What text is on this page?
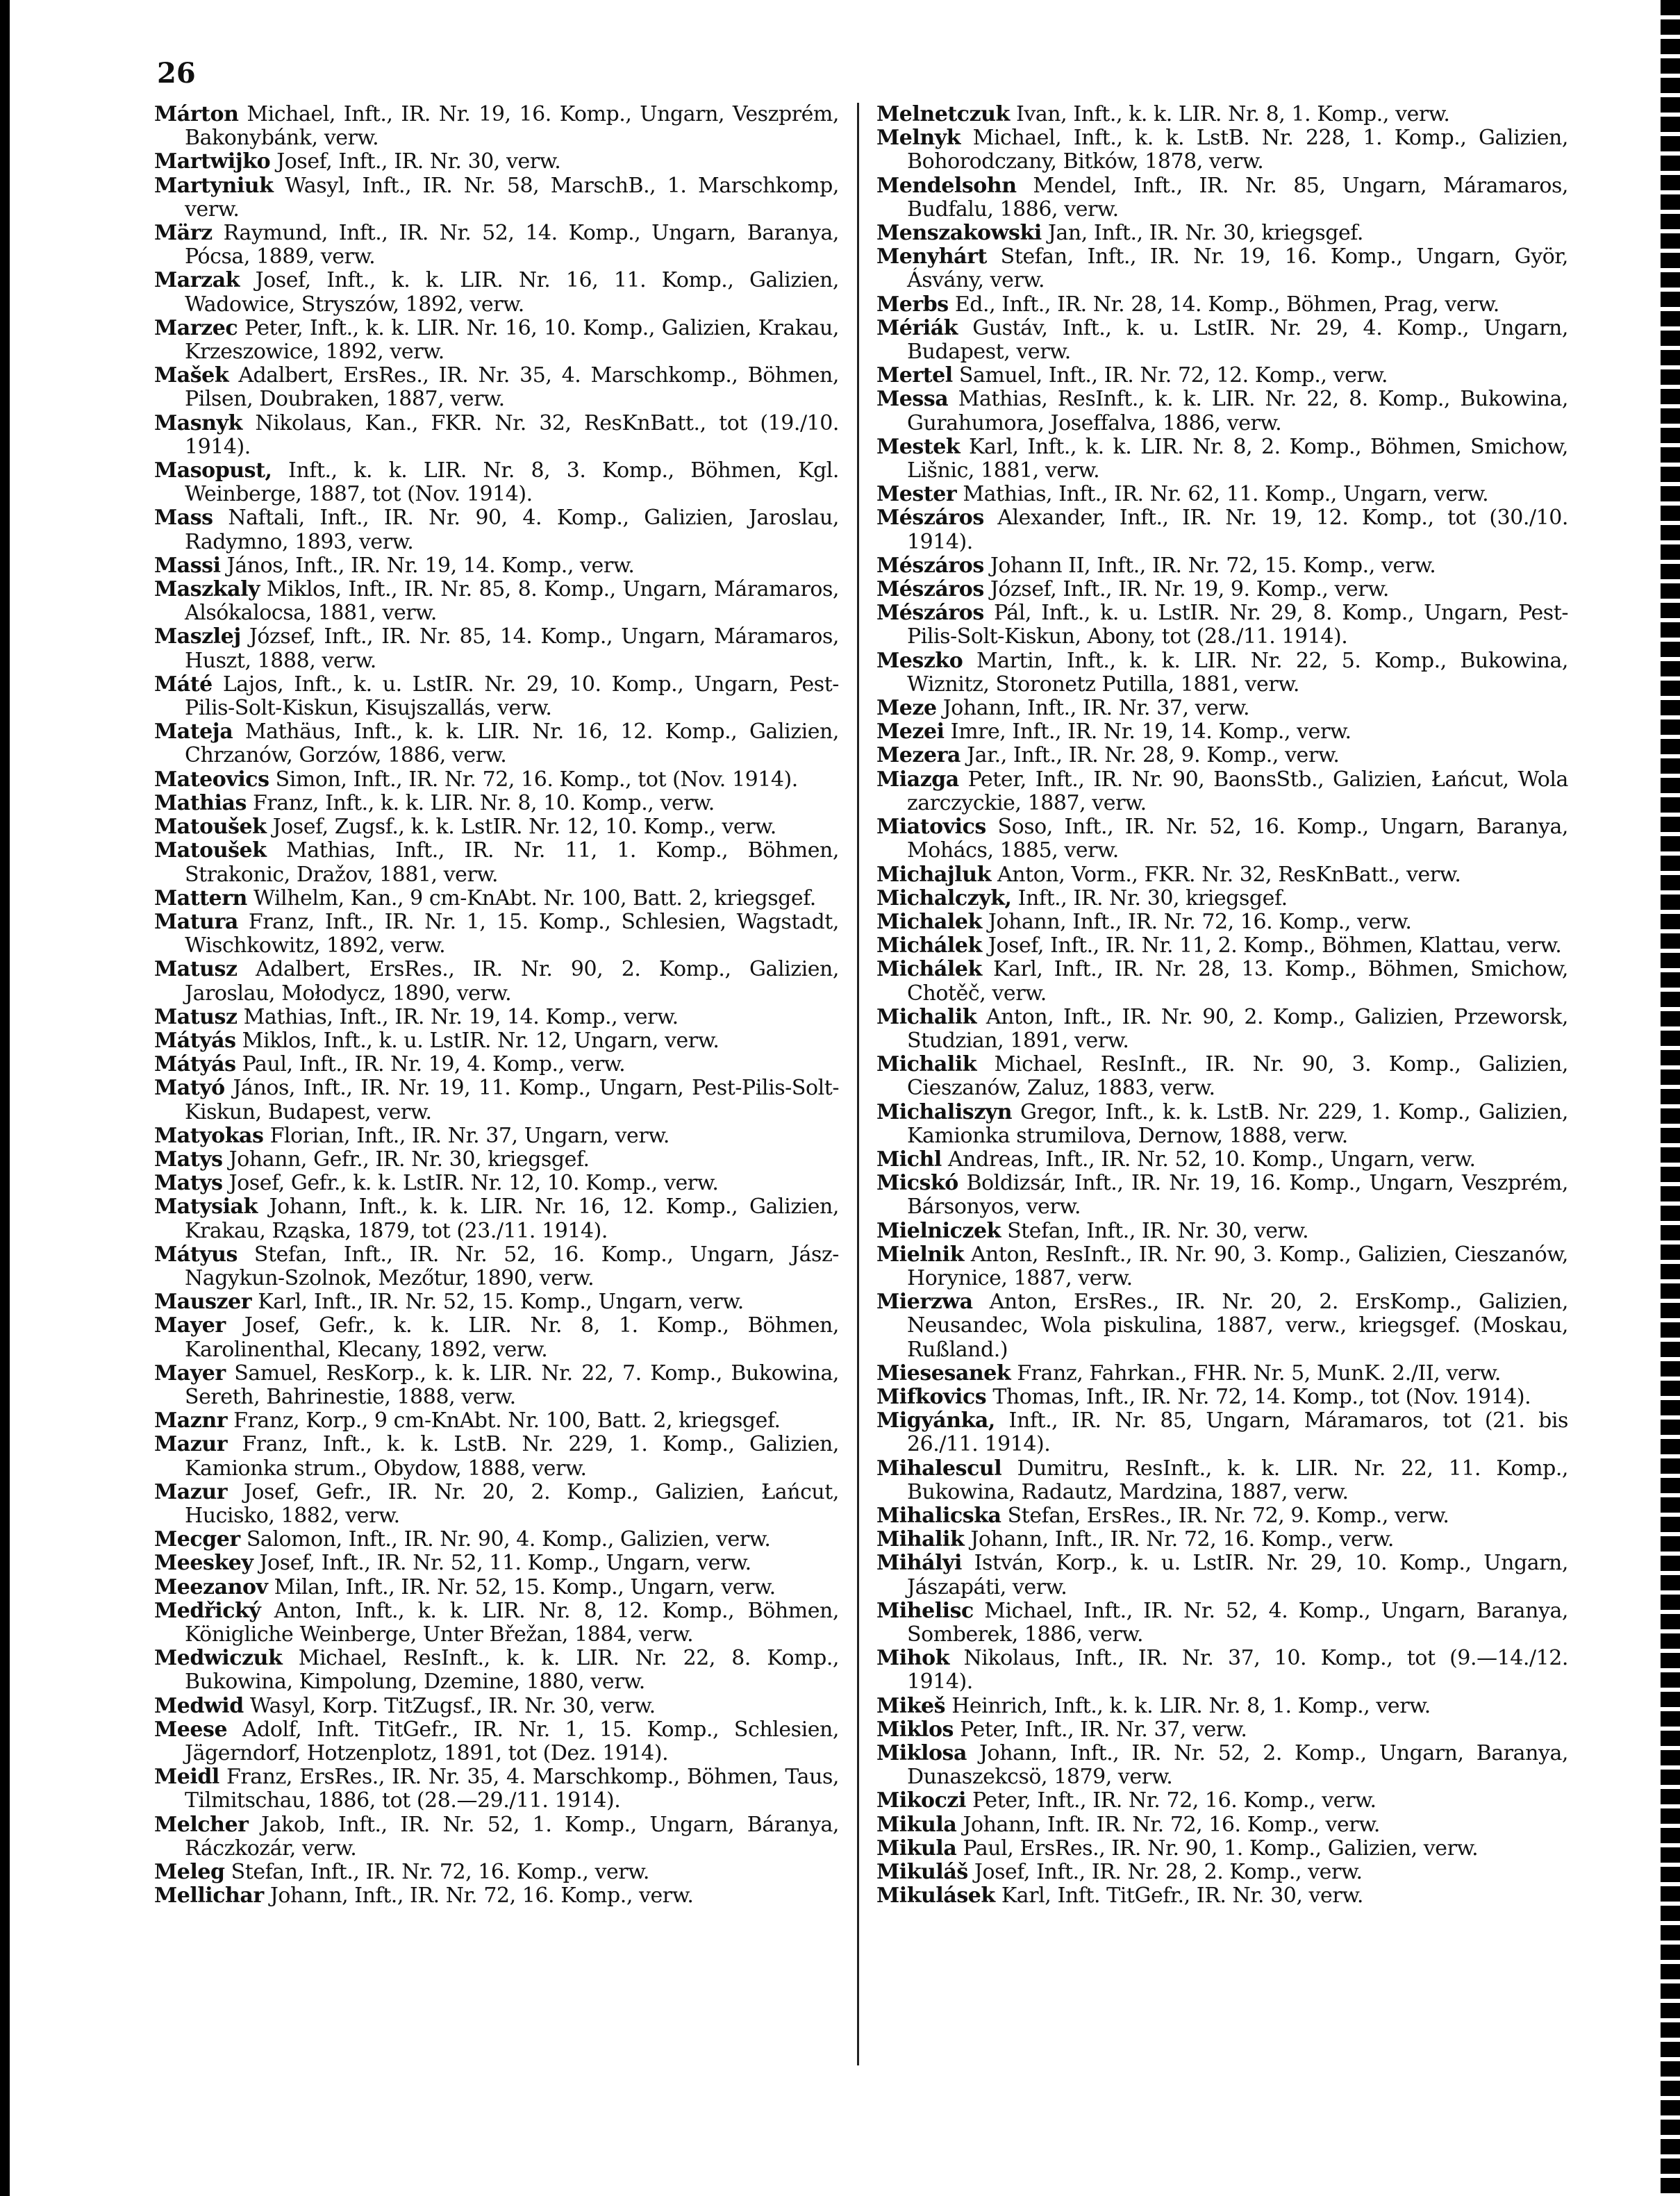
26
Márton Michael, Inft., IR. Nr. 19, 16. Komp., Ungarn, Veszprém, Bakonybánk, verw.
Martwijko Josef, Inft., IR. Nr. 30, verw.
Martyniuk Wasyl, Inft., IR. Nr. 58, MarschB., 1. Marschkomp, verw.
März Raymund, Inft., IR. Nr. 52, 14. Komp., Ungarn, Baranya, Pócsa, 1889, verw.
Marzak Josef, Inft., k. k. LIR. Nr. 16, 11. Komp., Galizien, Wadowice, Stryszów, 1892, verw.
Marzec Peter, Inft., k. k. LIR. Nr. 16, 10. Komp., Galizien, Krakau, Krzeszowice, 1892, verw.
Mašek Adalbert, ErsRes., IR. Nr. 35, 4. Marschkomp., Böhmen, Pilsen, Doubraken, 1887, verw.
Masnyk Nikolaus, Kan., FKR. Nr. 32, ResKnBatt., tot (19./10. 1914).
Masopust, Inft., k. k. LIR. Nr. 8, 3. Komp., Böhmen, Kgl. Weinberge, 1887, tot (Nov. 1914).
Mass Naftali, Inft., IR. Nr. 90, 4. Komp., Galizien, Jaroslau, Radymno, 1893, verw.
Massi János, Inft., IR. Nr. 19, 14. Komp., verw.
Maszkaly Miklos, Inft., IR. Nr. 85, 8. Komp., Ungarn, Máramaros, Alsókalocsa, 1881, verw.
Maszlej József, Inft., IR. Nr. 85, 14. Komp., Ungarn, Máramaros, Huszt, 1888, verw.
Máté Lajos, Inft., k. u. LstIR. Nr. 29, 10. Komp., Ungarn, Pest-Pilis-Solt-Kiskun, Kisujszallás, verw.
Mateja Mathäus, Inft., k. k. LIR. Nr. 16, 12. Komp., Galizien, Chrzanów, Gorzów, 1886, verw.
Mateovics Simon, Inft., IR. Nr. 72, 16. Komp., tot (Nov. 1914).
Mathias Franz, Inft., k. k. LIR. Nr. 8, 10. Komp., verw.
Matoušek Josef, Zugsf., k. k. LstIR. Nr. 12, 10. Komp., verw.
Matoušek Mathias, Inft., IR. Nr. 11, 1. Komp., Böhmen, Strakonic, Dražov, 1881, verw.
Mattern Wilhelm, Kan., 9 cm-KnAbt. Nr. 100, Batt. 2, kriegsgef.
Matura Franz, Inft., IR. Nr. 1, 15. Komp., Schlesien, Wagstadt, Wischkowitz, 1892, verw.
Matusz Adalbert, ErsRes., IR. Nr. 90, 2. Komp., Galizien, Jaroslau, Mołodycz, 1890, verw.
Matusz Mathias, Inft., IR. Nr. 19, 14. Komp., verw.
Mátyás Miklos, Inft., k. u. LstIR. Nr. 12, Ungarn, verw.
Mátyás Paul, Inft., IR. Nr. 19, 4. Komp., verw.
Matyó János, Inft., IR. Nr. 19, 11. Komp., Ungarn, Pest-Pilis-Solt-Kiskun, Budapest, verw.
Matyokas Florian, Inft., IR. Nr. 37, Ungarn, verw.
Matys Johann, Gefr., IR. Nr. 30, kriegsgef.
Matys Josef, Gefr., k. k. LstIR. Nr. 12, 10. Komp., verw.
Matysiak Johann, Inft., k. k. LIR. Nr. 16, 12. Komp., Galizien, Krakau, Rząska, 1879, tot (23./11. 1914).
Mátyus Stefan, Inft., IR. Nr. 52, 16. Komp., Ungarn, Jász-Nagykun-Szolnok, Mezőtur, 1890, verw.
Mauszer Karl, Inft., IR. Nr. 52, 15. Komp., Ungarn, verw.
Mayer Josef, Gefr., k. k. LIR. Nr. 8, 1. Komp., Böhmen, Karolinenthal, Klecany, 1892, verw.
Mayer Samuel, ResKorp., k. k. LIR. Nr. 22, 7. Komp., Bukowina, Sereth, Bahrinestie, 1888, verw.
Maznr Franz, Korp., 9 cm-KnAbt. Nr. 100, Batt. 2, kriegsgef.
Mazur Franz, Inft., k. k. LstB. Nr. 229, 1. Komp., Galizien, Kamionka strum., Obydow, 1888, verw.
Mazur Josef, Gefr., IR. Nr. 20, 2. Komp., Galizien, Łańcut, Hucisko, 1882, verw.
Mecger Salomon, Inft., IR. Nr. 90, 4. Komp., Galizien, verw.
Meeskey Josef, Inft., IR. Nr. 52, 11. Komp., Ungarn, verw.
Meezanov Milan, Inft., IR. Nr. 52, 15. Komp., Ungarn, verw.
Medřický Anton, Inft., k. k. LIR. Nr. 8, 12. Komp., Böhmen, Königliche Weinberge, Unter Břežan, 1884, verw.
Medwiczuk Michael, ResInft., k. k. LIR. Nr. 22, 8. Komp., Bukowina, Kimpolung, Dzemine, 1880, verw.
Medwid Wasyl, Korp. TitZugsf., IR. Nr. 30, verw.
Meese Adolf, Inft. TitGefr., IR. Nr. 1, 15. Komp., Schlesien, Jägerndorf, Hotzenplotz, 1891, tot (Dez. 1914).
Meidl Franz, ErsRes., IR. Nr. 35, 4. Marschkomp., Böhmen, Taus, Tilmitschau, 1886, tot (28.—29./11. 1914).
Melcher Jakob, Inft., IR. Nr. 52, 1. Komp., Ungarn, Báranya, Ráczkozár, verw.
Meleg Stefan, Inft., IR. Nr. 72, 16. Komp., verw.
Mellichar Johann, Inft., IR. Nr. 72, 16. Komp., verw.
Melnetczuk Ivan, Inft., k. k. LIR. Nr. 8, 1. Komp., verw.
Melnyk Michael, Inft., k. k. LstB. Nr. 228, 1. Komp., Galizien, Bohorodczany, Bitków, 1878, verw.
Mendelsohn Mendel, Inft., IR. Nr. 85, Ungarn, Máramaros, Budfalu, 1886, verw.
Menszakowski Jan, Inft., IR. Nr. 30, kriegsgef.
Menyhárt Stefan, Inft., IR. Nr. 19, 16. Komp., Ungarn, Györ, Ásvány, verw.
Merbs Ed., Inft., IR. Nr. 28, 14. Komp., Böhmen, Prag, verw.
Mériák Gustáv, Inft., k. u. LstIR. Nr. 29, 4. Komp., Ungarn, Budapest, verw.
Mertel Samuel, Inft., IR. Nr. 72, 12. Komp., verw.
Messa Mathias, ResInft., k. k. LIR. Nr. 22, 8. Komp., Bukowina, Gurahumora, Joseffalva, 1886, verw.
Mestek Karl, Inft., k. k. LIR. Nr. 8, 2. Komp., Böhmen, Smichow, Lišnic, 1881, verw.
Mester Mathias, Inft., IR. Nr. 62, 11. Komp., Ungarn, verw.
Mészáros Alexander, Inft., IR. Nr. 19, 12. Komp., tot (30./10. 1914).
Mészáros Johann II, Inft., IR. Nr. 72, 15. Komp., verw.
Mészáros József, Inft., IR. Nr. 19, 9. Komp., verw.
Mészáros Pál, Inft., k. u. LstIR. Nr. 29, 8. Komp., Ungarn, Pest-Pilis-Solt-Kiskun, Abony, tot (28./11. 1914).
Meszko Martin, Inft., k. k. LIR. Nr. 22, 5. Komp., Bukowina, Wiznitz, Storonetz Putilla, 1881, verw.
Meze Johann, Inft., IR. Nr. 37, verw.
Mezei Imre, Inft., IR. Nr. 19, 14. Komp., verw.
Mezera Jar., Inft., IR. Nr. 28, 9. Komp., verw.
Miazga Peter, Inft., IR. Nr. 90, BaonsStb., Galizien, Łańcut, Wola zarczyckie, 1887, verw.
Miatovics Soso, Inft., IR. Nr. 52, 16. Komp., Ungarn, Baranya, Mohács, 1885, verw.
Michajluk Anton, Vorm., FKR. Nr. 32, ResKnBatt., verw.
Michalczyk, Inft., IR. Nr. 30, kriegsgef.
Michalek Johann, Inft., IR. Nr. 72, 16. Komp., verw.
Michálek Josef, Inft., IR. Nr. 11, 2. Komp., Böhmen, Klattau, verw.
Michálek Karl, Inft., IR. Nr. 28, 13. Komp., Böhmen, Smichow, Chotěč, verw.
Michalik Anton, Inft., IR. Nr. 90, 2. Komp., Galizien, Przeworsk, Studzian, 1891, verw.
Michalik Michael, ResInft., IR. Nr. 90, 3. Komp., Galizien, Cieszanów, Zaluz, 1883, verw.
Michaliszyn Gregor, Inft., k. k. LstB. Nr. 229, 1. Komp., Galizien, Kamionka strumilova, Dernow, 1888, verw.
Michl Andreas, Inft., IR. Nr. 52, 10. Komp., Ungarn, verw.
Micskó Boldizsár, Inft., IR. Nr. 19, 16. Komp., Ungarn, Veszprém, Bársonyos, verw.
Mielniczek Stefan, Inft., IR. Nr. 30, verw.
Mielnik Anton, ResInft., IR. Nr. 90, 3. Komp., Galizien, Cieszanów, Horynice, 1887, verw.
Mierzwa Anton, ErsRes., IR. Nr. 20, 2. ErsKomp., Galizien, Neusandec, Wola piskulina, 1887, verw., kriegsgef. (Moskau, Rußland.)
Miesesanek Franz, Fahrkan., FHR. Nr. 5, MunK. 2./II, verw.
Mifkovics Thomas, Inft., IR. Nr. 72, 14. Komp., tot (Nov. 1914).
Migyánka, Inft., IR. Nr. 85, Ungarn, Máramaros, tot (21. bis 26./11. 1914).
Mihalescul Dumitru, ResInft., k. k. LIR. Nr. 22, 11. Komp., Bukowina, Radautz, Mardzina, 1887, verw.
Mihalicska Stefan, ErsRes., IR. Nr. 72, 9. Komp., verw.
Mihalik Johann, Inft., IR. Nr. 72, 16. Komp., verw.
Mihályi István, Korp., k. u. LstIR. Nr. 29, 10. Komp., Ungarn, Jászapáti, verw.
Mihelisc Michael, Inft., IR. Nr. 52, 4. Komp., Ungarn, Baranya, Somberek, 1886, verw.
Mihok Nikolaus, Inft., IR. Nr. 37, 10. Komp., tot (9.—14./12. 1914).
Mikeš Heinrich, Inft., k. k. LIR. Nr. 8, 1. Komp., verw.
Miklos Peter, Inft., IR. Nr. 37, verw.
Miklosa Johann, Inft., IR. Nr. 52, 2. Komp., Ungarn, Baranya, Dunaszekcsö, 1879, verw.
Mikoczi Peter, Inft., IR. Nr. 72, 16. Komp., verw.
Mikula Johann, Inft. IR. Nr. 72, 16. Komp., verw.
Mikula Paul, ErsRes., IR. Nr. 90, 1. Komp., Galizien, verw.
Mikuláš Josef, Inft., IR. Nr. 28, 2. Komp., verw.
Mikulásek Karl, Inft. TitGefr., IR. Nr. 30, verw.
